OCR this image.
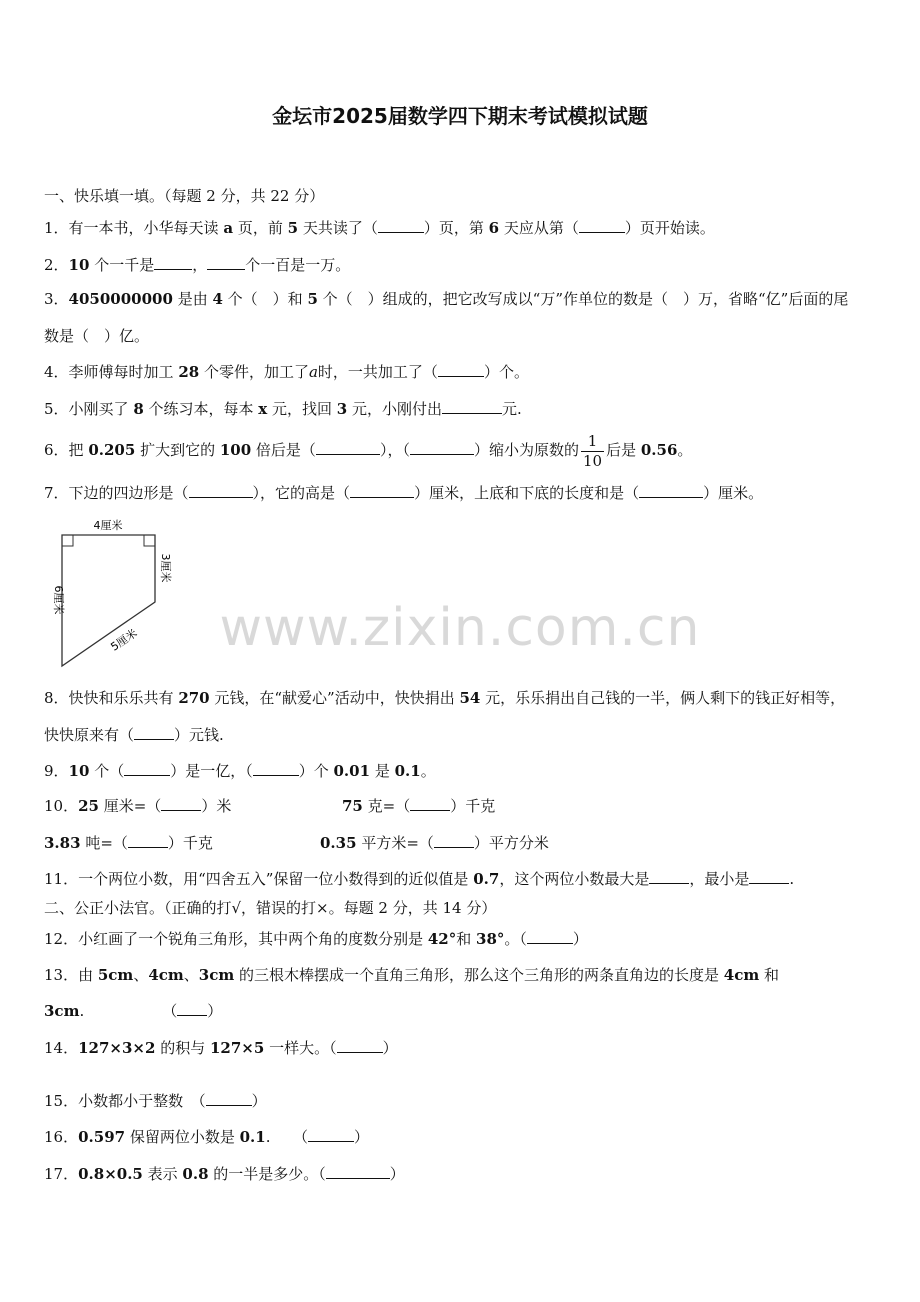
金坛市2025届数学四下期末考试模拟试题
www.zixin.com.cn
一、快乐填一填。（每题 2 分，共 22 分）
1．有一本书，小华每天读 a 页，前 5 天共读了（	）页，第 6 天应从第（	）页开始读。
2．10 个一千是	，	个一百是一万。
3．4050000000 是由 4 个（　）和 5 个（　）组成的，把它改写成以“万”作单位的数是（　）万，省略“亿”后面的尾
数是（　）亿。
4．李师傅每时加工 28 个零件，加工了a时，一共加工了（	）个。
5．小刚买了 8 个练习本，每本 x 元，找回 3 元，小刚付出	元.
6．把 0.205 扩大到它的 100 倍后是（	），（	）缩小为原数的 $\frac{1}{10}$ 后是 0.56。
7．下边的四边形是（	），它的高是（	）厘米，上底和下底的长度和是（	）厘米。
4厘米
3厘米
6厘米
5厘米
8．快快和乐乐共有 270 元钱，在“献爱心”活动中，快快捐出 54 元，乐乐捐出自己钱的一半，俩人剩下的钱正好相等，
快快原来有（	）元钱.
9．10 个（	）是一亿，（	）个 0.01 是 0.1。
10．25 厘米=（	）米	75 克=（	）千克
3.83 吨=（	）千克	0.35 平方米=（	）平方分米
11．一个两位小数，用“四舍五入”保留一位小数得到的近似值是 0.7，这个两位小数最大是	，最小是	.
二、公正小法官。（正确的打√，错误的打×。每题 2 分，共 14 分）
12．小红画了一个锐角三角形，其中两个角的度数分别是 42°和 38°。（	）
13．由 5cm、4cm、3cm 的三根木棒摆成一个直角三角形，那么这个三角形的两条直角边的长度是 4cm 和
3cm.	（ ）
14．127×3×2 的积与 127×5 一样大。（	）
15．小数都小于整数　（	）
16．0.597 保留两位小数是 0.1.　　（	）
17．0.8×0.5 表示 0.8 的一半是多少。（	）
